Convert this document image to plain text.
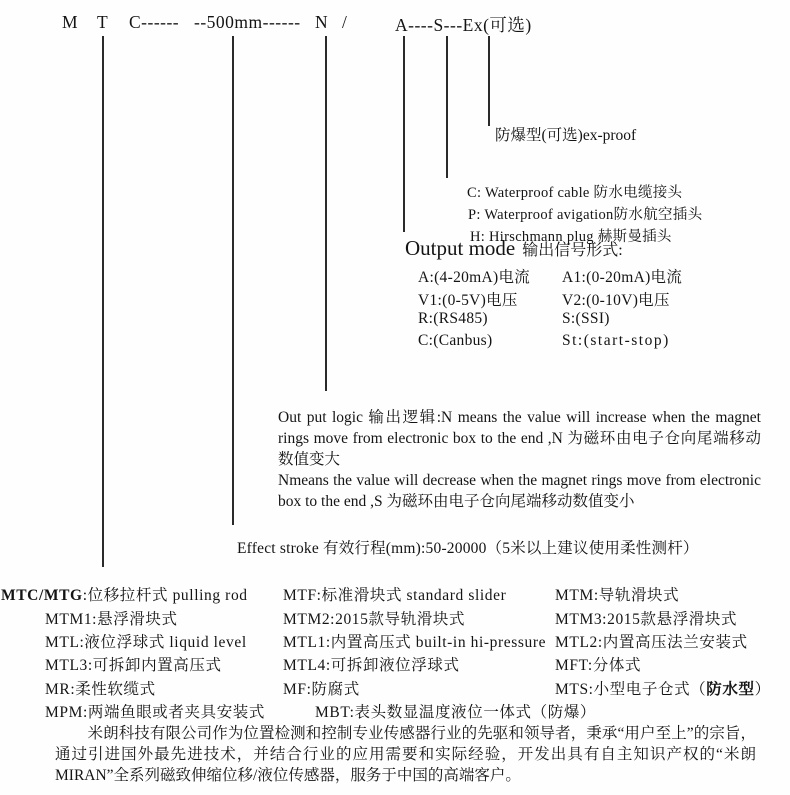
M T C------ --500mm------ N /	A----S---Ex(可选)
防爆型(可选)ex-proof
C: Waterproof cable 防水电缆接头
P: Waterproof avigation防水航空插头
H: Hirschmann plug 赫斯曼插头
Output mode 输出信号形式:
A:(4-20mA)电流 A1:(0-20mA)电流
V1:(0-5V)电压	V2:(0-10V)电压
R:(RS485)	S:(SSI)
C:(Canbus)	St:(start-stop)

Out put logic 输出逻辑:N means the value will increase when the magnet rings move from electronic box to the end ,N 为磁环由电子仓向尾端移动数值变大

Nmeans the value will decrease when the magnet rings move from electronic box to the end ,S 为磁环由电子仓向尾端移动数值变小

Effect stroke 有效行程(mm):50-20000（5米以上建议使用柔性测杆）
MTC/MTG:位移拉杆式 pulling rod MTF:标准滑块式 standard slider	MTM:导轨滑块式
MTM1:悬浮滑块式	MTM2:2015款导轨滑块式	MTM3:2015款悬浮滑块式
MTL:液位浮球式 liquid level MTL1:内置高压式 built-in hi-pressure MTL2:内置高压法兰安装式
MTL3:可拆卸内置高压式	MTL4:可拆卸液位浮球式	MFT:分体式
MR:柔性软缆式	MF:防腐式	MTS:小型电子仓式（防水型）
MPM:两端鱼眼或者夹具安装式	MBT:表头数显温度液位一体式（防爆）
米朗科技有限公司作为位置检测和控制专业传感器行业的先驱和领导者，秉承“用户至上”的宗旨，通过引进国外最先进技术，并结合行业的应用需要和实际经验，开发出具有自主知识产权的“米朗 MIRAN”全系列磁致伸缩位移/液位传感器，服务于中国的高端客户。
